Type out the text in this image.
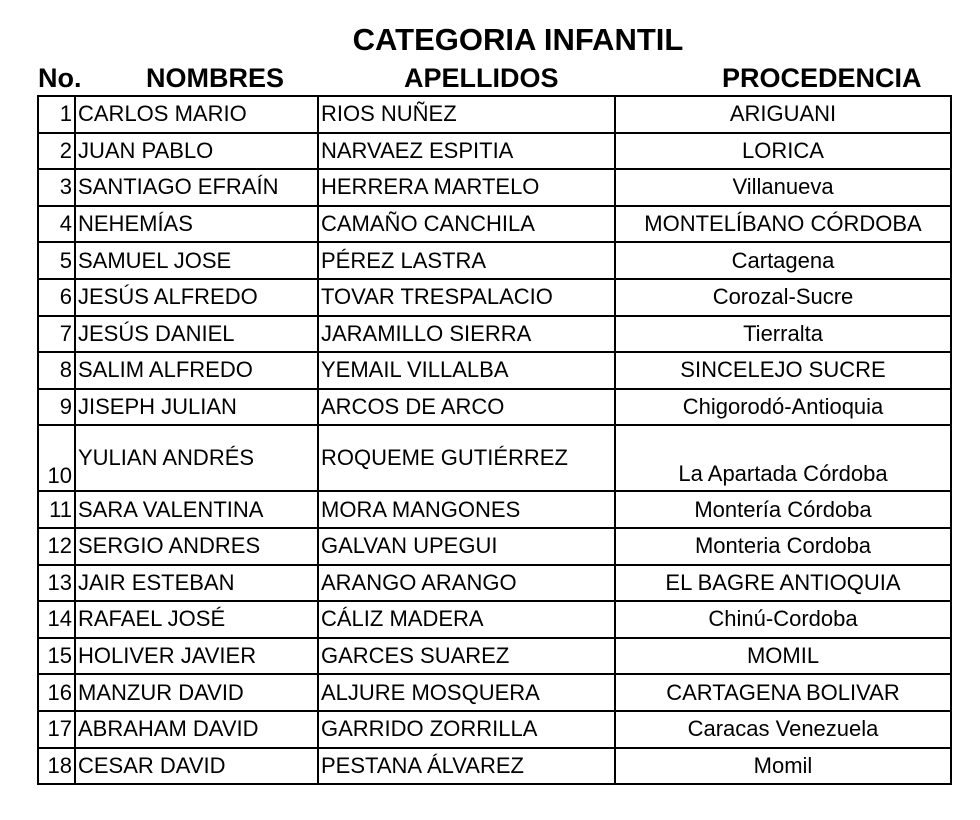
CATEGORIA INFANTIL
No. NOMBRES	APELLIDOS	PROCEDENCIA
1	CARLOS MARIO	RIOS NUÑEZ	ARIGUANI
2	JUAN PABLO	NARVAEZ ESPITIA	LORICA
3	SANTIAGO EFRAÍN	HERRERA MARTELO	Villanueva
4	NEHEMÍAS	CAMAÑO CANCHILA	MONTELÍBANO CÓRDOBA
5	SAMUEL JOSE	PÉREZ LASTRA	Cartagena
6	JESÚS ALFREDO	TOVAR TRESPALACIO	Corozal-Sucre
7	JESÚS DANIEL	JARAMILLO SIERRA	Tierralta
8	SALIM ALFREDO	YEMAIL VILLALBA	SINCELEJO SUCRE
9	JISEPH JULIAN	ARCOS DE ARCO	Chigorodó-Antioquia
10	YULIAN ANDRÉS	ROQUEME GUTIÉRREZ	La Apartada Córdoba
11	SARA VALENTINA	MORA MANGONES	Montería Córdoba
12	SERGIO ANDRES	GALVAN UPEGUI	Monteria Cordoba
13	JAIR ESTEBAN	ARANGO ARANGO	EL BAGRE ANTIOQUIA
14	RAFAEL JOSÉ	CÁLIZ MADERA	Chinú-Cordoba
15	HOLIVER JAVIER	GARCES SUAREZ	MOMIL
16	MANZUR DAVID	ALJURE MOSQUERA	CARTAGENA BOLIVAR
17	ABRAHAM DAVID	GARRIDO ZORRILLA	Caracas Venezuela
18	CESAR DAVID	PESTANA ÁLVAREZ	Momil
